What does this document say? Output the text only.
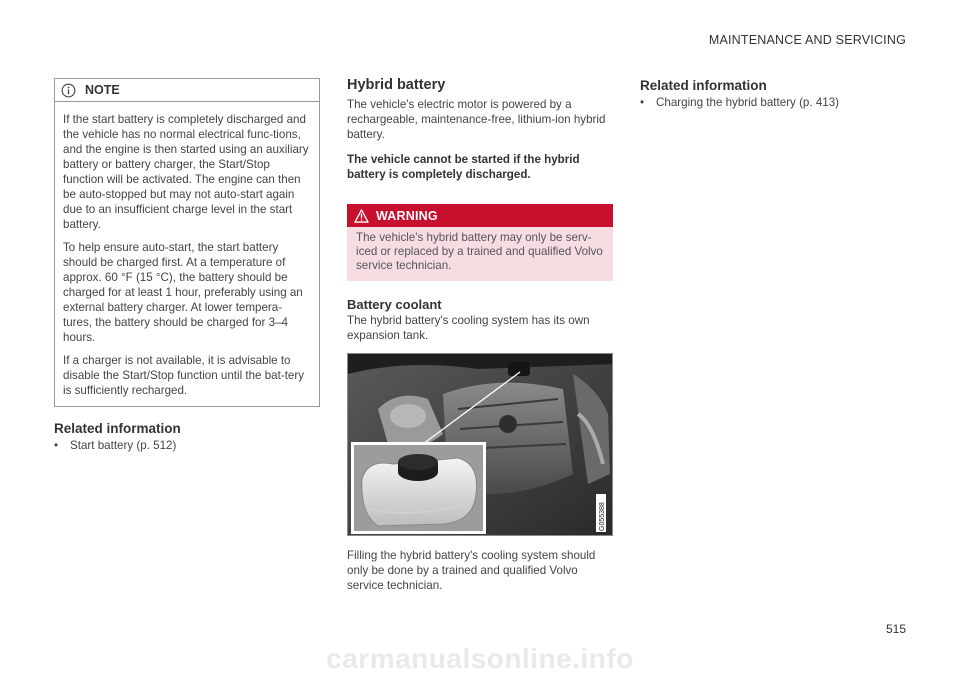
MAINTENANCE AND SERVICING
NOTE

If the start battery is completely discharged and the vehicle has no normal electrical func-tions, and the engine is then started using an auxiliary battery or battery charger, the Start/Stop function will be activated. The engine can then be auto-stopped but may not auto-start again due to an insufficient charge level in the start battery.

To help ensure auto-start, the start battery should be charged first. At a temperature of approx. 60 °F (15 °C), the battery should be charged for at least 1 hour, preferably using an external battery charger. At lower tempera-tures, the battery should be charged for 3–4 hours.

If a charger is not available, it is advisable to disable the Start/Stop function until the bat-tery is sufficiently recharged.

Related information
•	Start battery (p. 512)
Hybrid battery

The vehicle's electric motor is powered by a rechargeable, maintenance-free, lithium-ion hybrid battery.

The vehicle cannot be started if the hybrid battery is completely discharged.

WARNING
The vehicle's hybrid battery may only be serv-iced or replaced by a trained and qualified Volvo service technician.
Battery coolant

The hybrid battery's cooling system has its own expansion tank.

G055388

Filling the hybrid battery's cooling system should only be done by a trained and qualified Volvo service technician.

Related information
•	Charging the hybrid battery (p. 413)
515
carmanualsonline.info
